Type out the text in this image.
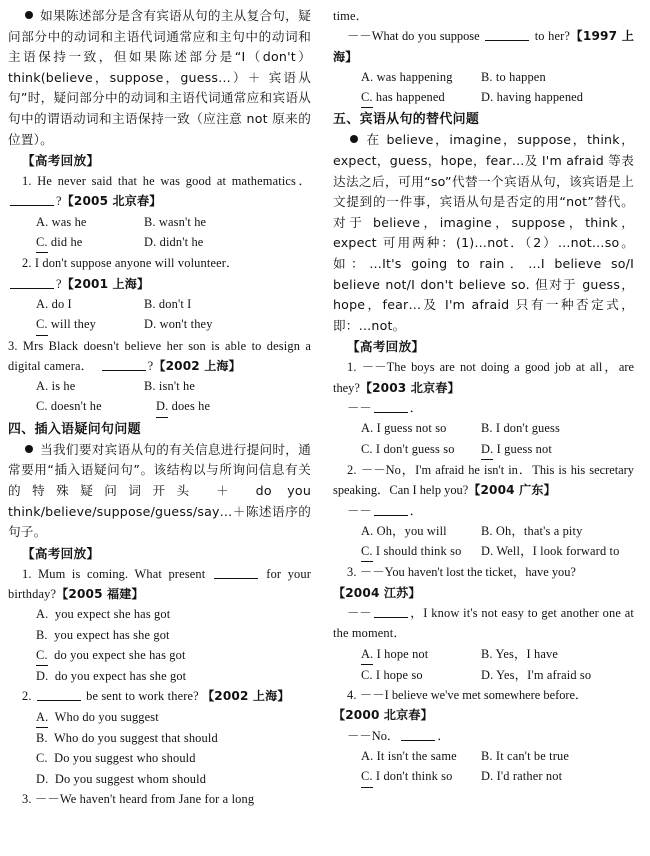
如果陈述部分是含有宾语从句的主从复合句，疑问部分中的动词和主语代词通常应和主句中的动词和主语保持一致，但如果陈述部分是“I（don't）think(believe，suppose，guess…）＋ 宾语从句”时，疑问部分中的动词和主语代词通常应和宾语从句中的谓语动词和主语保持一致（应注意 not 原来的位置）。

【高考回放】

1. He never said that he was good at mathematics． ?【2005 北京春】

A. was he	B. wasn't he
C. did he	D. didn't he

2. I don't suppose anyone will volunteer．
?【2001 上海】

A. do I	B. don't I
C. will they	D. won't they

3. Mrs Black doesn't believe her son is able to design a digital camera．	?【2002 上海】

A. is he	B. isn't he
C. doesn't he	D. does he

四、插入语疑问句问题

当我们要对宾语从句的有关信息进行提问时，通常要用“插入语疑问句”。该结构以与所询问信息有关的特殊疑问词开头 ＋ do you think/believe/suppose/guess/say…＋陈述语序的句子。

【高考回放】

1. Mum is coming. What present	for your birthday?【2005 福建】

A. you expect she has got
B. you expect has she got
C. do you expect she has got
D. do you expect has she got

2.	be sent to work there? 【2002 上海】

A. Who do you suggest
B. Who do you suggest that should
C. Do you suggest who should
D. Do you suggest whom should

3. －－We haven't heard from Jane for a long

time．

－－What do you suppose	to her?【1997 上海】

A. was happening	B. to happen
C. has happened	D. having happened

五、宾语从句的替代问题

在 believe，imagine，suppose，think，expect，guess，hope，fear…及 I'm afraid 等表达法之后，可用“so”代替一个宾语从句，该宾语是上文提到的一件事，宾语从句是否定的用“not”替代。对于 believe，imagine，suppose，think，expect 可用两种：(1)…not．（2）…not…so。如：…It's going to rain．…I believe so/I believe not/I don't believe so. 但对于 guess，hope，fear…及 I'm afraid 只有一种否定式，即：…not。

【高考回放】

1. －－The boys are not doing a good job at all，are they?【2003 北京春】

－－	．

A. I guess not so	B. I don't guess
C. I don't guess so	D. I guess not

2. －－No，I'm afraid he isn't in．This is his secretary speaking．Can I help you?【2004 广东】

－－	．

A. Oh，you will	B. Oh，that's a pity
C. I should think so	D. Well，I look forward to

3. －－You haven't lost the ticket，have you?
【2004 江苏】

－－	，I know it's not easy to get another one at the moment．

A. I hope not	B. Yes，I have
C. I hope so	D. Yes，I'm afraid so

4. －－I believe we've met somewhere before．
【2000 北京春】

－－No．	．

A. It isn't the same	B. It can't be true
C. I don't think so	D. I'd rather not
